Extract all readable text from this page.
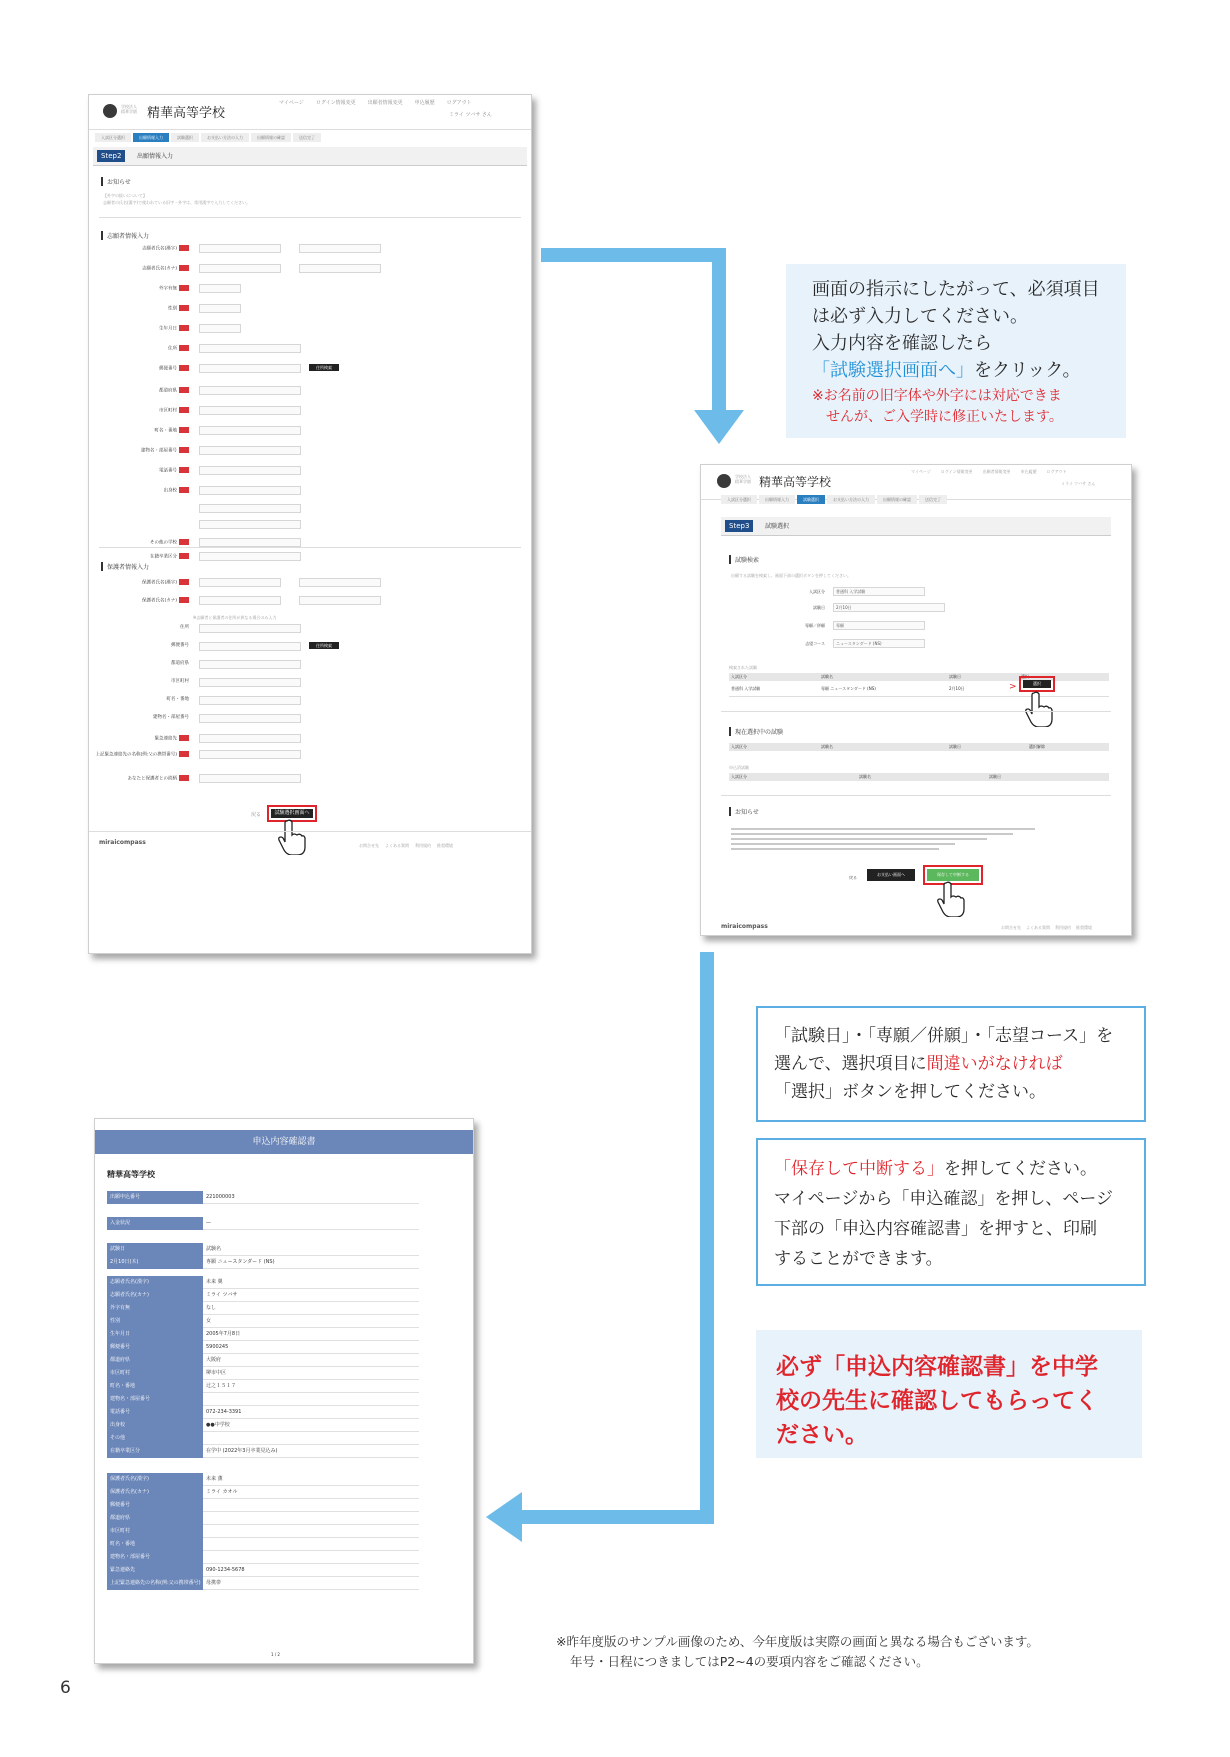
学校法人 精華学園 精華高等学校
マイページ ログイン情報変更 出願者情報変更 申込履歴 ログアウト
ミライ ツバサ さん
入試区分選択	出願情報入力	試験選択	お支払い方法の入力	出願情報の確認	送信完了
Step2	出願情報入力
お知らせ
【外字の扱いについて】
志願者の氏名(漢字)で使われている旧字・外字は、常用漢字で入力してください。
志願者情報入力
志願者氏名(漢字)
志願者氏名(カナ)
外字有無
性別
生年月日
住所
郵便番号	住所検索
都道府県
市区町村
町名・番地
建物名・部屋番号
電話番号
出身校
その他の学校
在籍卒業区分
保護者情報入力
※志願者と保護者の住所が異なる場合のみ入力
保護者氏名(漢字)
保護者氏名(カナ)
住所
郵便番号	住所検索
都道府県
市区町村
町名・番地
建物名・部屋番号
緊急連絡先
上記緊急連絡先の名称(例:父の携帯番号)
あなたと保護者との続柄
戻る	試験選択画面へ
miraicompass	お問合せ先 よくある質問 利用規約 推奨環境
画面の指示にしたがって、必須項目
は必ず入力してください。
入力内容を確認したら
「試験選択画面へ」をクリック。
※お名前の旧字体や外字には対応できま
せんが、ご入学時に修正いたします。
学校法人 精華学園 精華高等学校
マイページ	ログイン情報変更	出願者情報変更	申込履歴	ログアウト
ミライ ツバサ さん
入試区分選択	出願情報入力	試験選択	お支払い方法の入力	出願情報の確認	送信完了
Step3	試験選択
試験検索
出願する試験を検索し、画面下部の選択ボタンを押してください。
入試区分	普通科 入学試験
試験日	2月10日
専願／併願	専願
志望コース	ニュースタンダード (NS)
検索された試験
入試区分	試験名	試験日	選択
普通科 入学試験	専願 ニュースタンダード (NS)	2月10日	>	選択
現在選択中の試験
入試区分	試験名	試験日	選択解除
申込済試験
入試区分	試験名	試験日
お知らせ
戻る
お支払い画面へ	保存して中断する
miraicompass	お問合せ先 よくある質問 利用規約 推奨環境
「試験日」・「専願／併願」・「志望コース」を
選んで、選択項目に間違いがなければ
「選択」ボタンを押してください。
「保存して中断する」を押してください。
マイページから「申込確認」を押し、ページ
下部の「申込内容確認書」を押すと、印刷
することができます。
必ず「申込内容確認書」を中学
校の先生に確認してもらってく
ださい。
申込内容確認書
精華高等学校
出願申込番号	221000003
入金状況	—
試験日	試験名
2月10日(木)	専願 ニュースタンダード (NS)
志願者氏名(漢字)	未来 翼
志願者氏名(カナ)	ミライ ツバサ
外字有無	なし
性別	女
生年月日	2005年7月8日
郵便番号	5900245
都道府県	大阪府
市区町村	堺市中区
町名・番地	辻之１５１７
建物名・部屋番号
電話番号	072-234-3391
出身校	●●中学校
その他
在籍卒業区分	在学中 (2022年3月卒業見込み)
保護者氏名(漢字)	未来 薫
保護者氏名(カナ)	ミライ カオル
郵便番号
都道府県
市区町村
町名・番地
建物名・部屋番号
緊急連絡先	090-1234-5678
上記緊急連絡先の名称(例:父の携帯番号)	母携帯
1 / 2
※昨年度版のサンプル画像のため、今年度版は実際の画面と異なる場合もございます。
年号・日程につきましてはP2~4の要項内容をご確認ください。
6
